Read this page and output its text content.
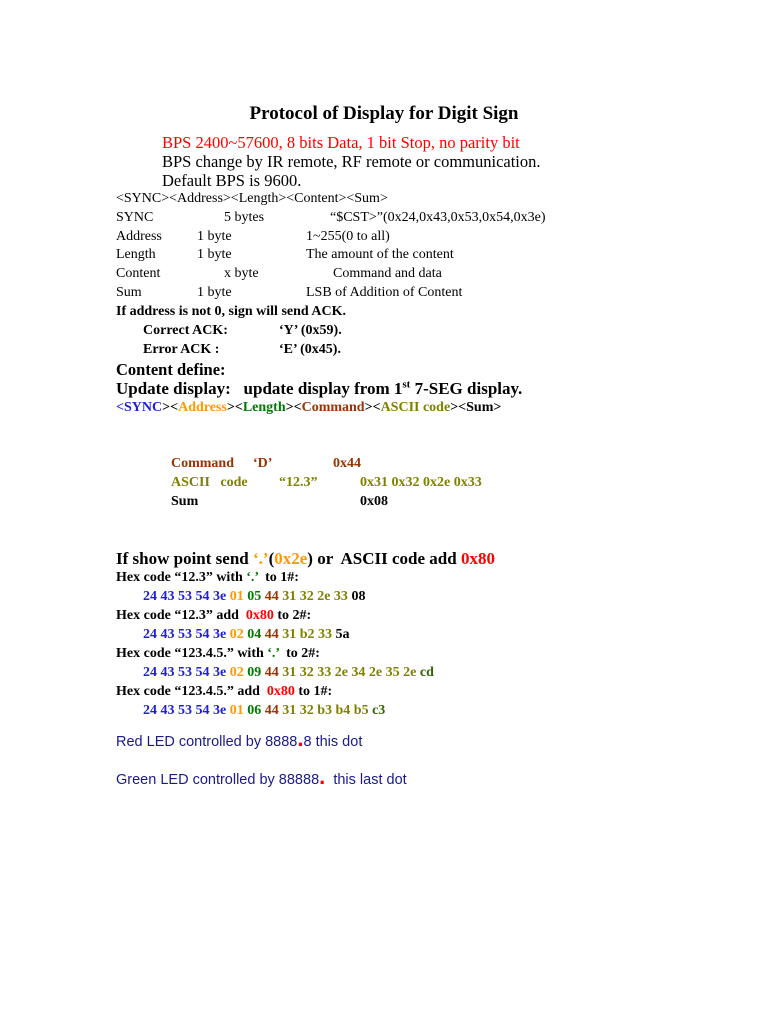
Protocol of Display for Digit Sign
BPS 2400~57600, 8 bits Data, 1 bit Stop, no parity bit
BPS change by IR remote, RF remote or communication.
Default BPS is 9600.
<SYNC><Address><Length><Content><Sum>
SYNC	5 bytes	“$CST>”(0x24,0x43,0x53,0x54,0x3e)
Address	1 byte	1~255(0 to all)
Length	1 byte	The amount of the content
Content	x byte	Command and data
Sum	1 byte	LSB of Addition of Content
If address is not 0, sign will send ACK.
Correct ACK:	‘Y’ (0x59).
Error ACK :	‘E’ (0x45).
Content define:
Update display: update display from 1st 7-SEG display.
<SYNC><Address><Length><Command><ASCII code><Sum>
Command ‘D’	0x44
ASCII   code “12.3”	0x31 0x32 0x2e 0x33
Sum	0x08
If show point send ‘.’(0x2e) or  ASCII code add 0x80
Hex code “12.3” with ‘.’  to 1#:
24 43 53 54 3e 01 05 44 31 32 2e 33 08
Hex code “12.3” add  0x80 to 2#:
24 43 53 54 3e 02 04 44 31 b2 33 5a
Hex code “123.4.5.” with ‘.’  to 2#:
24 43 53 54 3e 02 09 44 31 32 33 2e 34 2e 35 2e cd
Hex code “123.4.5.” add  0x80 to 1#:
24 43 53 54 3e 01 06 44 31 32 b3 b4 b5 c3
Red LED controlled by 8888.8 this dot
Green LED controlled by 88888.  this last dot
